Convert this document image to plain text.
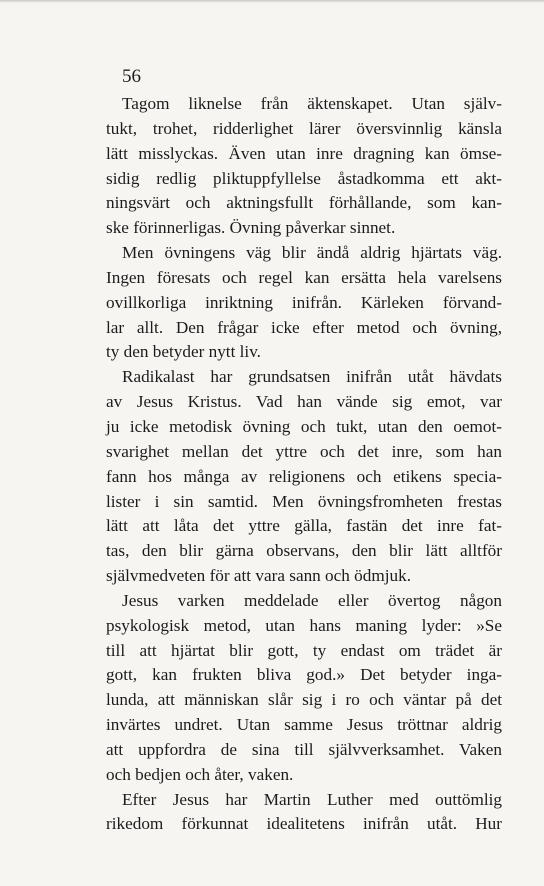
56
Tagom liknelse från äktenskapet. Utan själv-
tukt, trohet, ridderlighet lärer översvinnlig känsla
lätt misslyckas. Även utan inre dragning kan ömse-
sidig redlig pliktuppfyllelse åstadkomma ett akt-
ningsvärt och aktningsfullt förhållande, som kan-
ske förinnerligas. Övning påverkar sinnet.
Men övningens väg blir ändå aldrig hjärtats väg.
Ingen föresats och regel kan ersätta hela varelsens
ovillkorliga inriktning inifrån. Kärleken förvand-
lar allt. Den frågar icke efter metod och övning,
ty den betyder nytt liv.
Radikalast har grundsatsen inifrån utåt hävdats
av Jesus Kristus. Vad han vände sig emot, var
ju icke metodisk övning och tukt, utan den oemot-
svarighet mellan det yttre och det inre, som han
fann hos många av religionens och etikens specia-
lister i sin samtid. Men övningsfromheten frestas
lätt att låta det yttre gälla, fastän det inre fat-
tas, den blir gärna observans, den blir lätt alltför
självmedveten för att vara sann och ödmjuk.
Jesus varken meddelade eller övertog någon
psykologisk metod, utan hans maning lyder: »Se
till att hjärtat blir gott, ty endast om trädet är
gott, kan frukten bliva god.» Det betyder inga-
lunda, att människan slår sig i ro och väntar på det
invärtes undret. Utan samme Jesus tröttnar aldrig
att uppfordra de sina till självverksamhet. Vaken
och bedjen och åter, vaken.
Efter Jesus har Martin Luther med outtömlig
rikedom förkunnat idealitetens inifrån utåt. Hur
